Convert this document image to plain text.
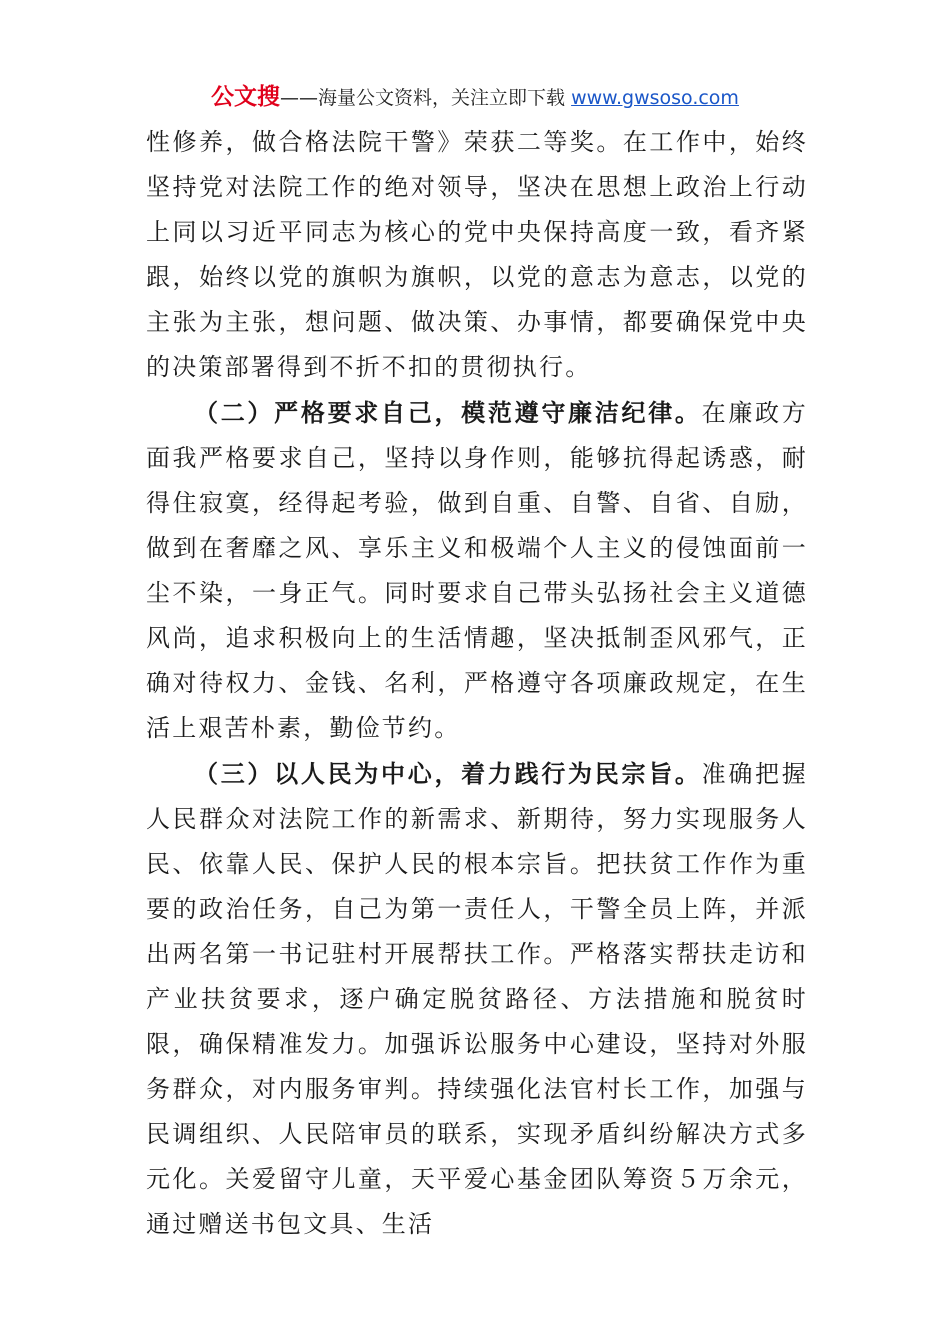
公文搜——海量公文资料，关注立即下载 www.gwsoso.com

性修养，做合格法院干警》荣获二等奖。在工作中，始终坚持党对法院工作的绝对领导，坚决在思想上政治上行动上同以习近平同志为核心的党中央保持高度一致，看齐紧跟，始终以党的旗帜为旗帜，以党的意志为意志，以党的主张为主张，想问题、做决策、办事情，都要确保党中央的决策部署得到不折不扣的贯彻执行。

（二）严格要求自己，模范遵守廉洁纪律。在廉政方面我严格要求自己，坚持以身作则，能够抗得起诱惑，耐得住寂寞，经得起考验，做到自重、自警、自省、自励，做到在奢靡之风、享乐主义和极端个人主义的侵蚀面前一尘不染，一身正气。同时要求自己带头弘扬社会主义道德风尚，追求积极向上的生活情趣，坚决抵制歪风邪气，正确对待权力、金钱、名利，严格遵守各项廉政规定，在生活上艰苦朴素，勤俭节约。

（三）以人民为中心，着力践行为民宗旨。准确把握人民群众对法院工作的新需求、新期待，努力实现服务人民、依靠人民、保护人民的根本宗旨。把扶贫工作作为重要的政治任务，自己为第一责任人，干警全员上阵，并派出两名第一书记驻村开展帮扶工作。严格落实帮扶走访和产业扶贫要求，逐户确定脱贫路径、方法措施和脱贫时限，确保精准发力。加强诉讼服务中心建设，坚持对外服务群众，对内服务审判。持续强化法官村长工作，加强与民调组织、人民陪审员的联系，实现矛盾纠纷解决方式多元化。关爱留守儿童，天平爱心基金团队筹资５万余元，通过赠送书包文具、生活
